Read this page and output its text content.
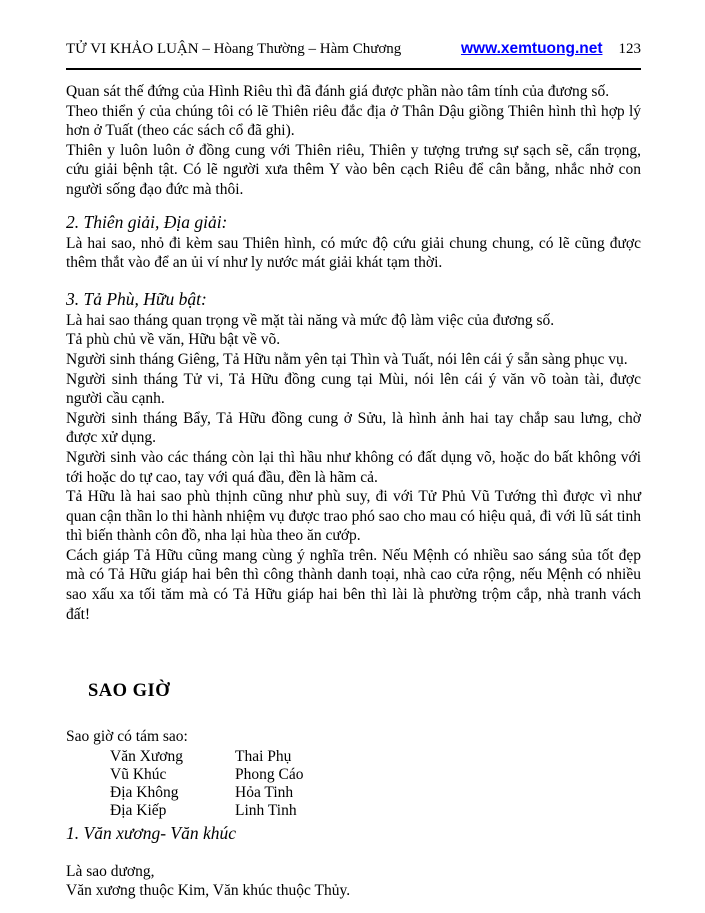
TỬ VI KHẢO LUẬN – Hòang Thường – Hàm Chương	www.xemtuong.net 123

Quan sát thế đứng của Hình Riêu thì đã đánh giá được phần nào tâm tính của đương số.

Theo thiển ý của chúng tôi có lẽ Thiên riêu đắc địa ở Thân Dậu giồng Thiên hình thì hợp lý hơn ở Tuất (theo các sách cổ đã ghi).

Thiên y luôn luôn ở đồng cung với Thiên riêu, Thiên y tượng trưng sự sạch sẽ, cẩn trọng, cứu giải bệnh tật. Có lẽ người xưa thêm Y vào bên cạch Riêu để cân bằng, nhắc nhở con người sống đạo đức mà thôi.

2. Thiên giải, Địa giải:

Là hai sao, nhỏ đi kèm sau Thiên hình, có mức độ cứu giải chung chung, có lẽ cũng được thêm thắt vào để an ủi ví như ly nước mát giải khát tạm thời.

3. Tả Phù, Hữu bật:

Là hai sao tháng quan trọng về mặt tài năng và mức độ làm việc của đương số.

Tả phù chủ về văn, Hữu bật về võ.

Người sinh tháng Giêng, Tả Hữu nằm yên tại Thìn và Tuất, nói lên cái ý sẵn sàng phục vụ.

Người sinh tháng Tử vi, Tả Hữu đồng cung tại Mùi, nói lên cái ý văn võ toàn tài, được người cầu cạnh.

Người sinh tháng Bẩy, Tả Hữu đồng cung ở Sửu, là hình ảnh hai tay chắp sau lưng, chờ được xử dụng.

Người sinh vào các tháng còn lại thì hầu như không có đất dụng võ, hoặc do bất không với tới hoặc do tự cao, tay với quá đầu, đền là hãm cả.

Tả Hữu là hai sao phù thịnh cũng như phù suy, đi với Tử Phủ Vũ Tướng thì được vì như quan cận thần lo thi hành nhiệm vụ được trao phó sao cho mau có hiệu quả, đi với lũ sát tinh thì biến thành côn đồ, nha lại hùa theo ăn cướp.

Cách giáp Tả Hữu cũng mang cùng ý nghĩa trên. Nếu Mệnh có nhiều sao sáng sủa tốt đẹp mà có Tả Hữu giáp hai bên thì công thành danh toại, nhà cao cửa rộng, nếu Mệnh có nhiều sao xấu xa tối tăm mà có Tả Hữu giáp hai bên thì lài là phường trộm cắp, nhà tranh vách đất!

SAO GIỜ

Sao giờ có tám sao:

Văn Xương	Thai Phụ
Vũ Khúc	Phong Cáo
Địa Không	Hỏa Tinh
Địa Kiếp	Linh Tinh
1. Văn xương- Văn khúc

Là sao dương,

Văn xương thuộc Kim, Văn khúc thuộc Thủy.
